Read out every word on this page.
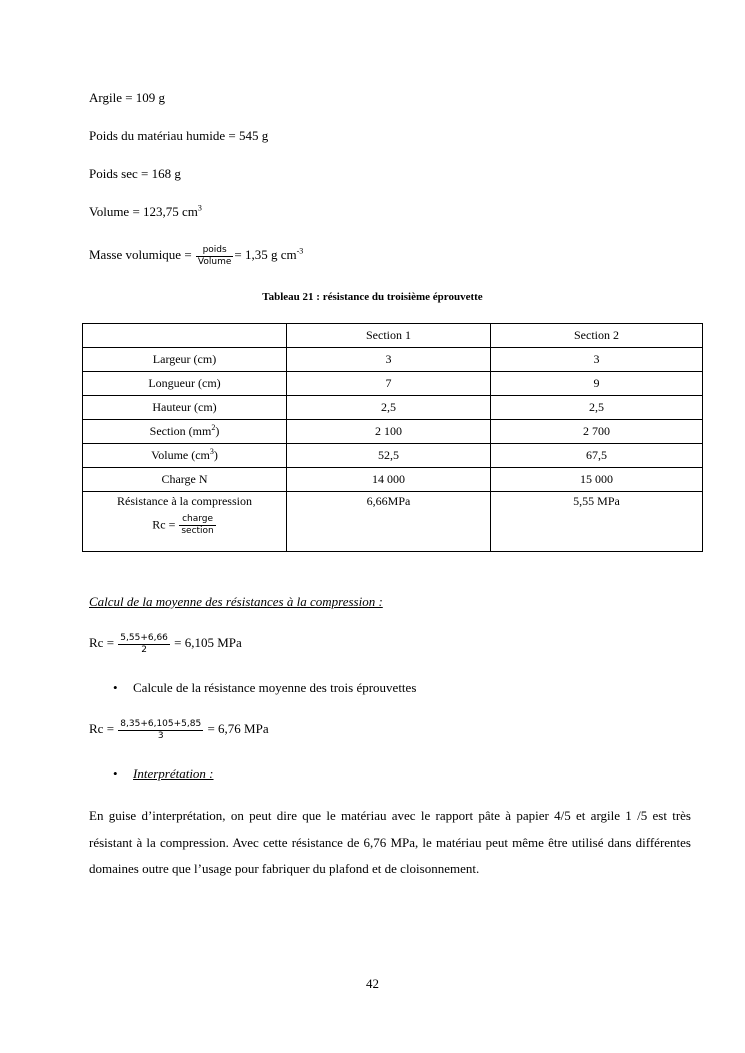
Argile = 109 g
Poids du matériau humide = 545 g
Poids sec = 168 g
Volume = 123,75 $cm^3$
Masse volumique = $\frac{\text{poids}}{\text{Volume}} = 1,35$ g $cm^{-3}$
Tableau 21 : résistance du troisième éprouvette
	Section 1	Section 2
Largeur (cm)	3	3
Longueur (cm)	7	9
Hauteur (cm)	2,5	2,5
Section $(mm^2)$	2 100	2 700
Volume $(cm^3)$	52,5	67,5
Charge N	14 000	15 000
Résistance à la compression
$Rc = \frac{\text{charge}}{\text{section}}$	6,66MPa	5,55 MPa
Calcul de la moyenne des résistances à la compression :
$Rc = \frac{5,55+6,66}{2} = 6,105$ MPa
• Calcule de la résistance moyenne des trois éprouvettes
$Rc = \frac{8,35+6,105+5,85}{3} = 6,76$ MPa
• Interprétation :
En guise d’interprétation, on peut dire que le matériau avec le rapport pâte à papier 4/5 et argile 1 /5 est très résistant à la compression. Avec cette résistance de 6,76 MPa, le matériau peut même être utilisé dans différentes domaines outre que l’usage pour fabriquer du plafond et de cloisonnement.
42
